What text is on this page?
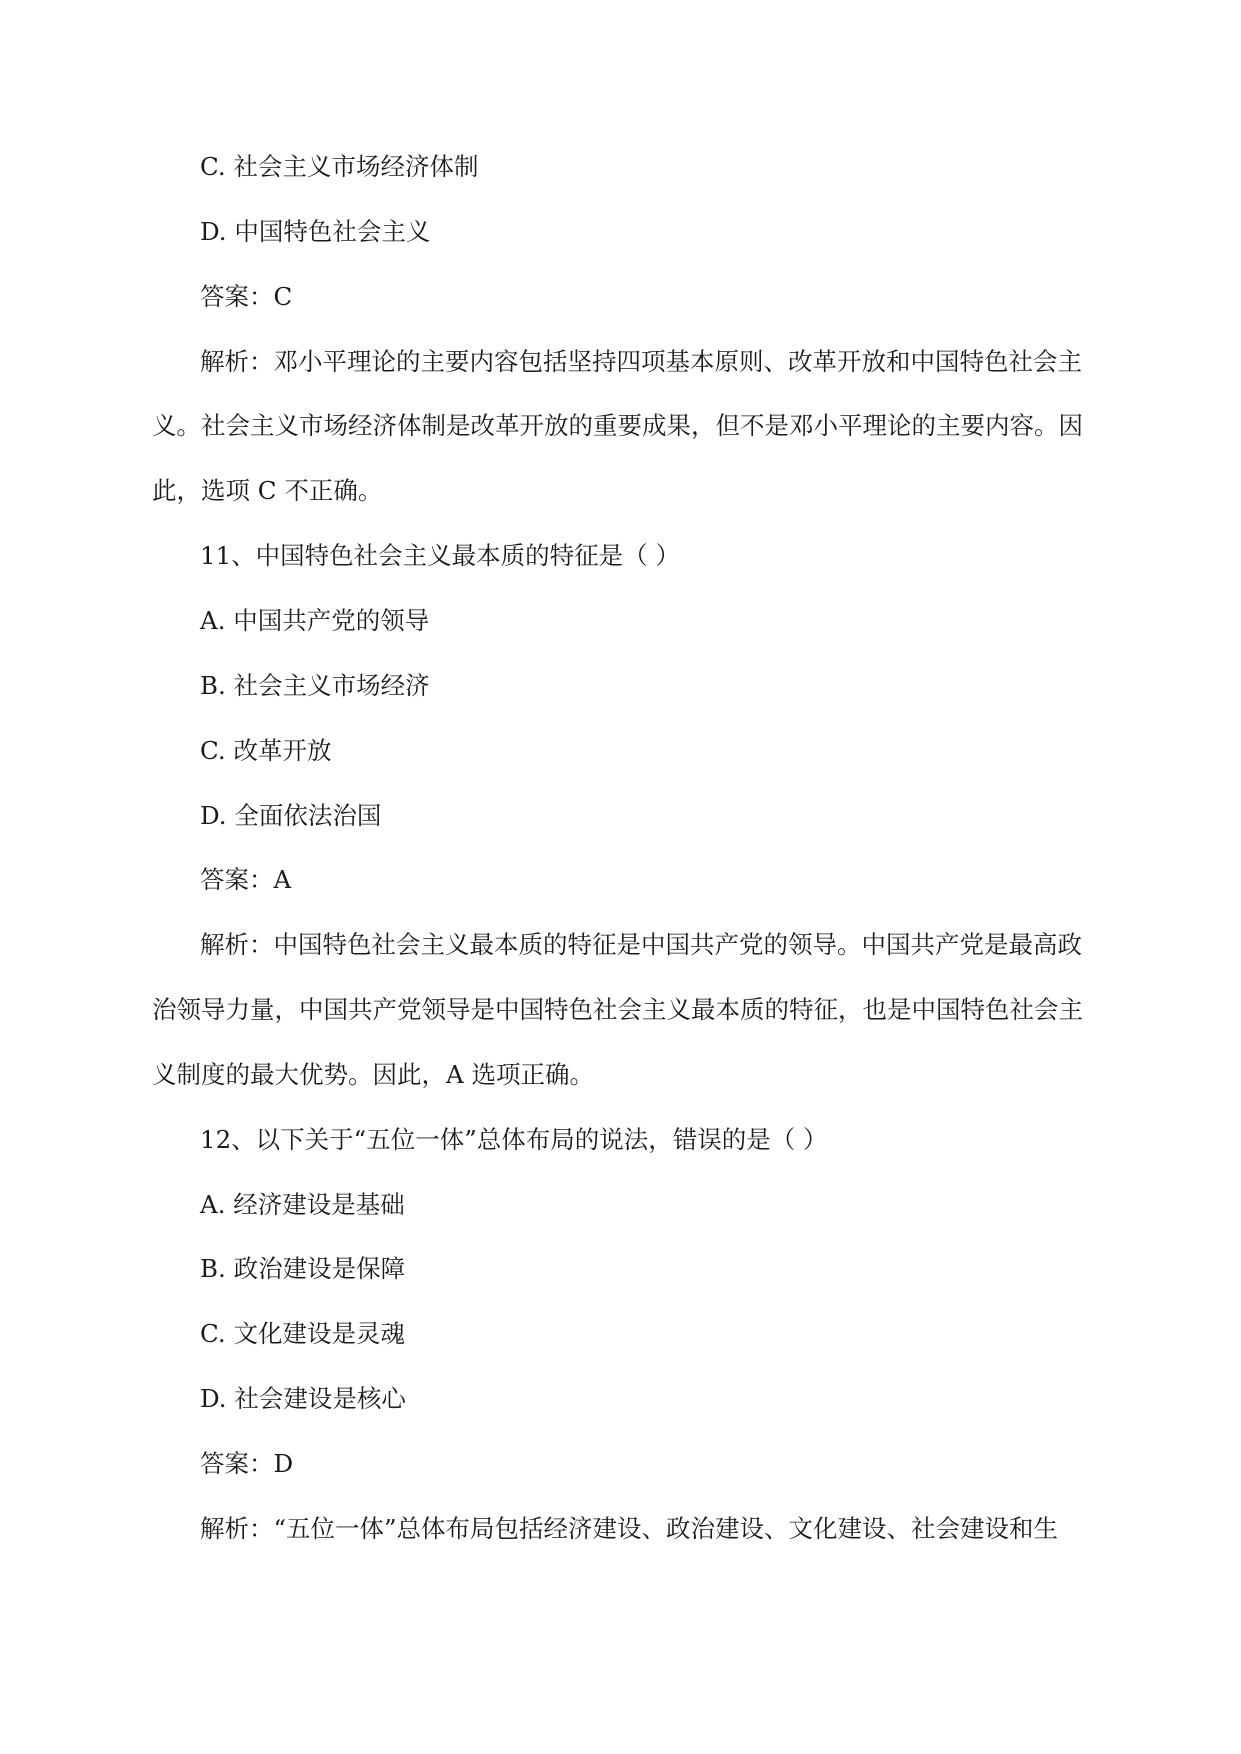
C. 社会主义市场经济体制
D. 中国特色社会主义
答案：C
解析：邓小平理论的主要内容包括坚持四项基本原则、改革开放和中国特色社会主
义。社会主义市场经济体制是改革开放的重要成果，但不是邓小平理论的主要内容。因
此，选项 C 不正确。
11、中国特色社会主义最本质的特征是（ ）
A. 中国共产党的领导
B. 社会主义市场经济
C. 改革开放
D. 全面依法治国
答案：A
解析：中国特色社会主义最本质的特征是中国共产党的领导。中国共产党是最高政
治领导力量，中国共产党领导是中国特色社会主义最本质的特征，也是中国特色社会主
义制度的最大优势。因此，A 选项正确。
12、以下关于“五位一体”总体布局的说法，错误的是（ ）
A. 经济建设是基础
B. 政治建设是保障
C. 文化建设是灵魂
D. 社会建设是核心
答案：D
解析：“五位一体”总体布局包括经济建设、政治建设、文化建设、社会建设和生
